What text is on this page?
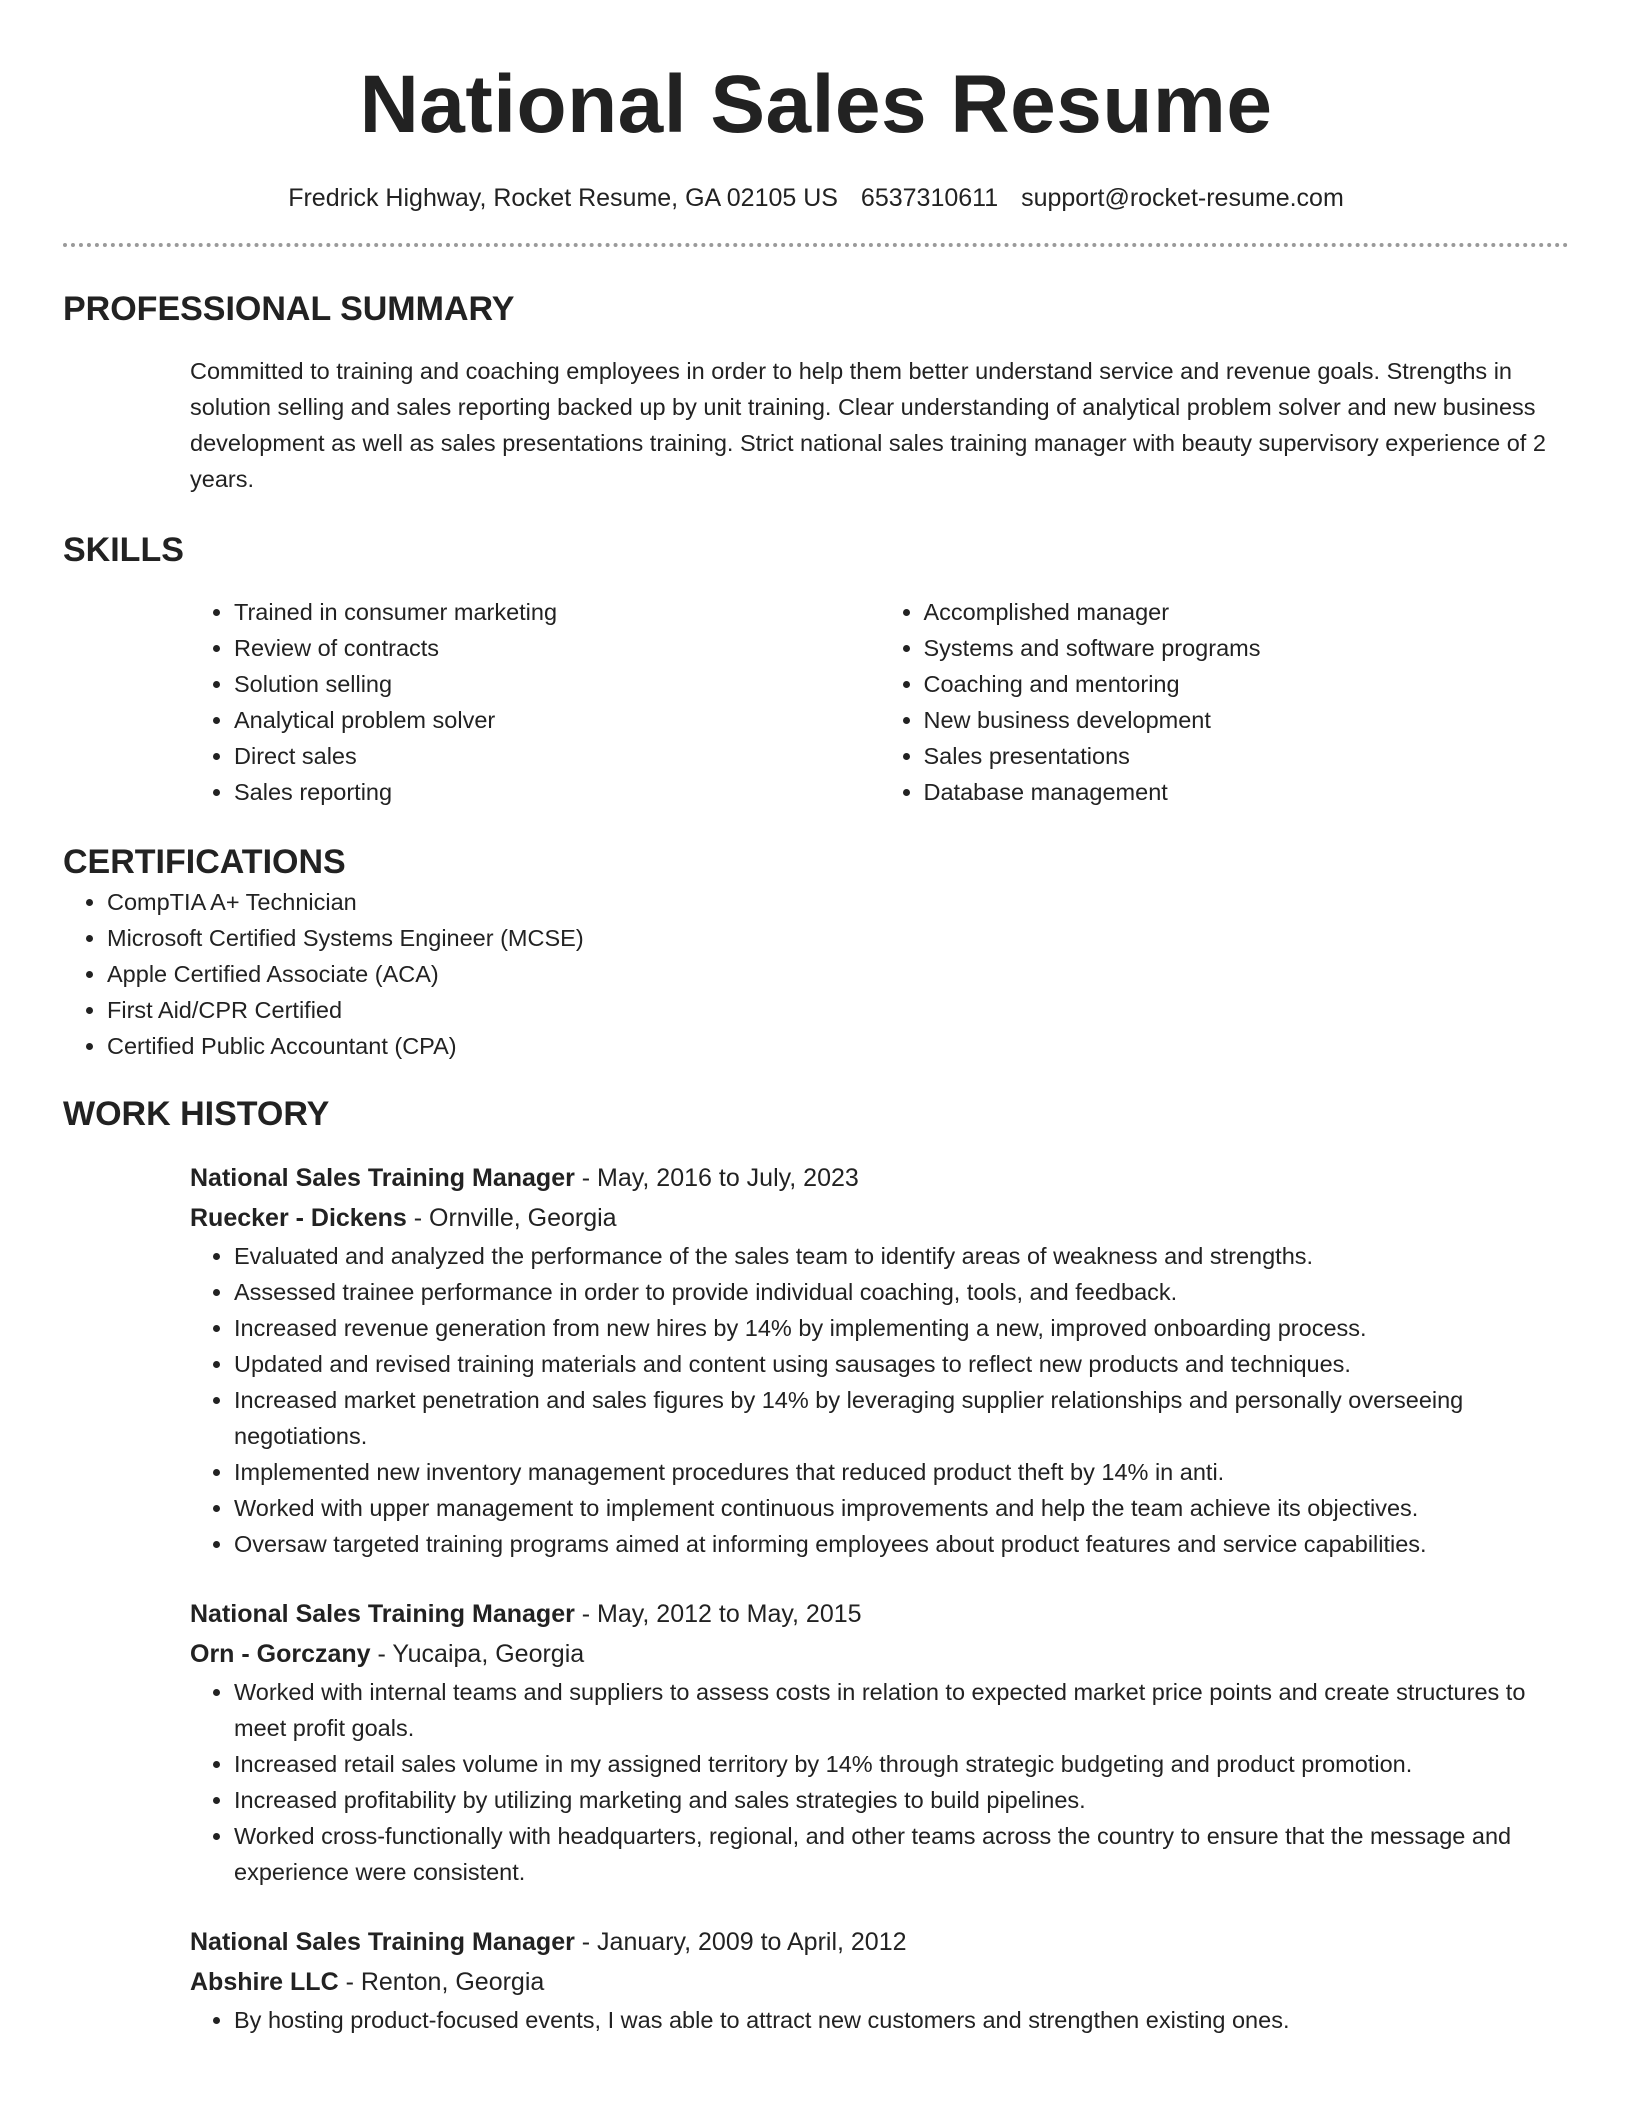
National Sales Resume
Fredrick Highway, Rocket Resume, GA 02105 US 6537310611 support@rocket-resume.com
PROFESSIONAL SUMMARY
Committed to training and coaching employees in order to help them better understand service and revenue goals. Strengths in solution selling and sales reporting backed up by unit training. Clear understanding of analytical problem solver and new business development as well as sales presentations training. Strict national sales training manager with beauty supervisory experience of 2 years.
SKILLS
• Trained in consumer marketing
• Review of contracts
• Solution selling
• Analytical problem solver
• Direct sales
• Sales reporting
• Accomplished manager
• Systems and software programs
• Coaching and mentoring
• New business development
• Sales presentations
• Database management
CERTIFICATIONS
• CompTIA A+ Technician
• Microsoft Certified Systems Engineer (MCSE)
• Apple Certified Associate (ACA)
• First Aid/CPR Certified
• Certified Public Accountant (CPA)
WORK HISTORY
National Sales Training Manager - May, 2016 to July, 2023
Ruecker - Dickens - Ornville, Georgia
• Evaluated and analyzed the performance of the sales team to identify areas of weakness and strengths.
• Assessed trainee performance in order to provide individual coaching, tools, and feedback.
• Increased revenue generation from new hires by 14% by implementing a new, improved onboarding process.
• Updated and revised training materials and content using sausages to reflect new products and techniques.
• Increased market penetration and sales figures by 14% by leveraging supplier relationships and personally overseeing negotiations.
• Implemented new inventory management procedures that reduced product theft by 14% in anti.
• Worked with upper management to implement continuous improvements and help the team achieve its objectives.
• Oversaw targeted training programs aimed at informing employees about product features and service capabilities.
National Sales Training Manager - May, 2012 to May, 2015
Orn - Gorczany - Yucaipa, Georgia
• Worked with internal teams and suppliers to assess costs in relation to expected market price points and create structures to meet profit goals.
• Increased retail sales volume in my assigned territory by 14% through strategic budgeting and product promotion.
• Increased profitability by utilizing marketing and sales strategies to build pipelines.
• Worked cross-functionally with headquarters, regional, and other teams across the country to ensure that the message and experience were consistent.
National Sales Training Manager - January, 2009 to April, 2012
Abshire LLC - Renton, Georgia
• By hosting product-focused events, I was able to attract new customers and strengthen existing ones.
